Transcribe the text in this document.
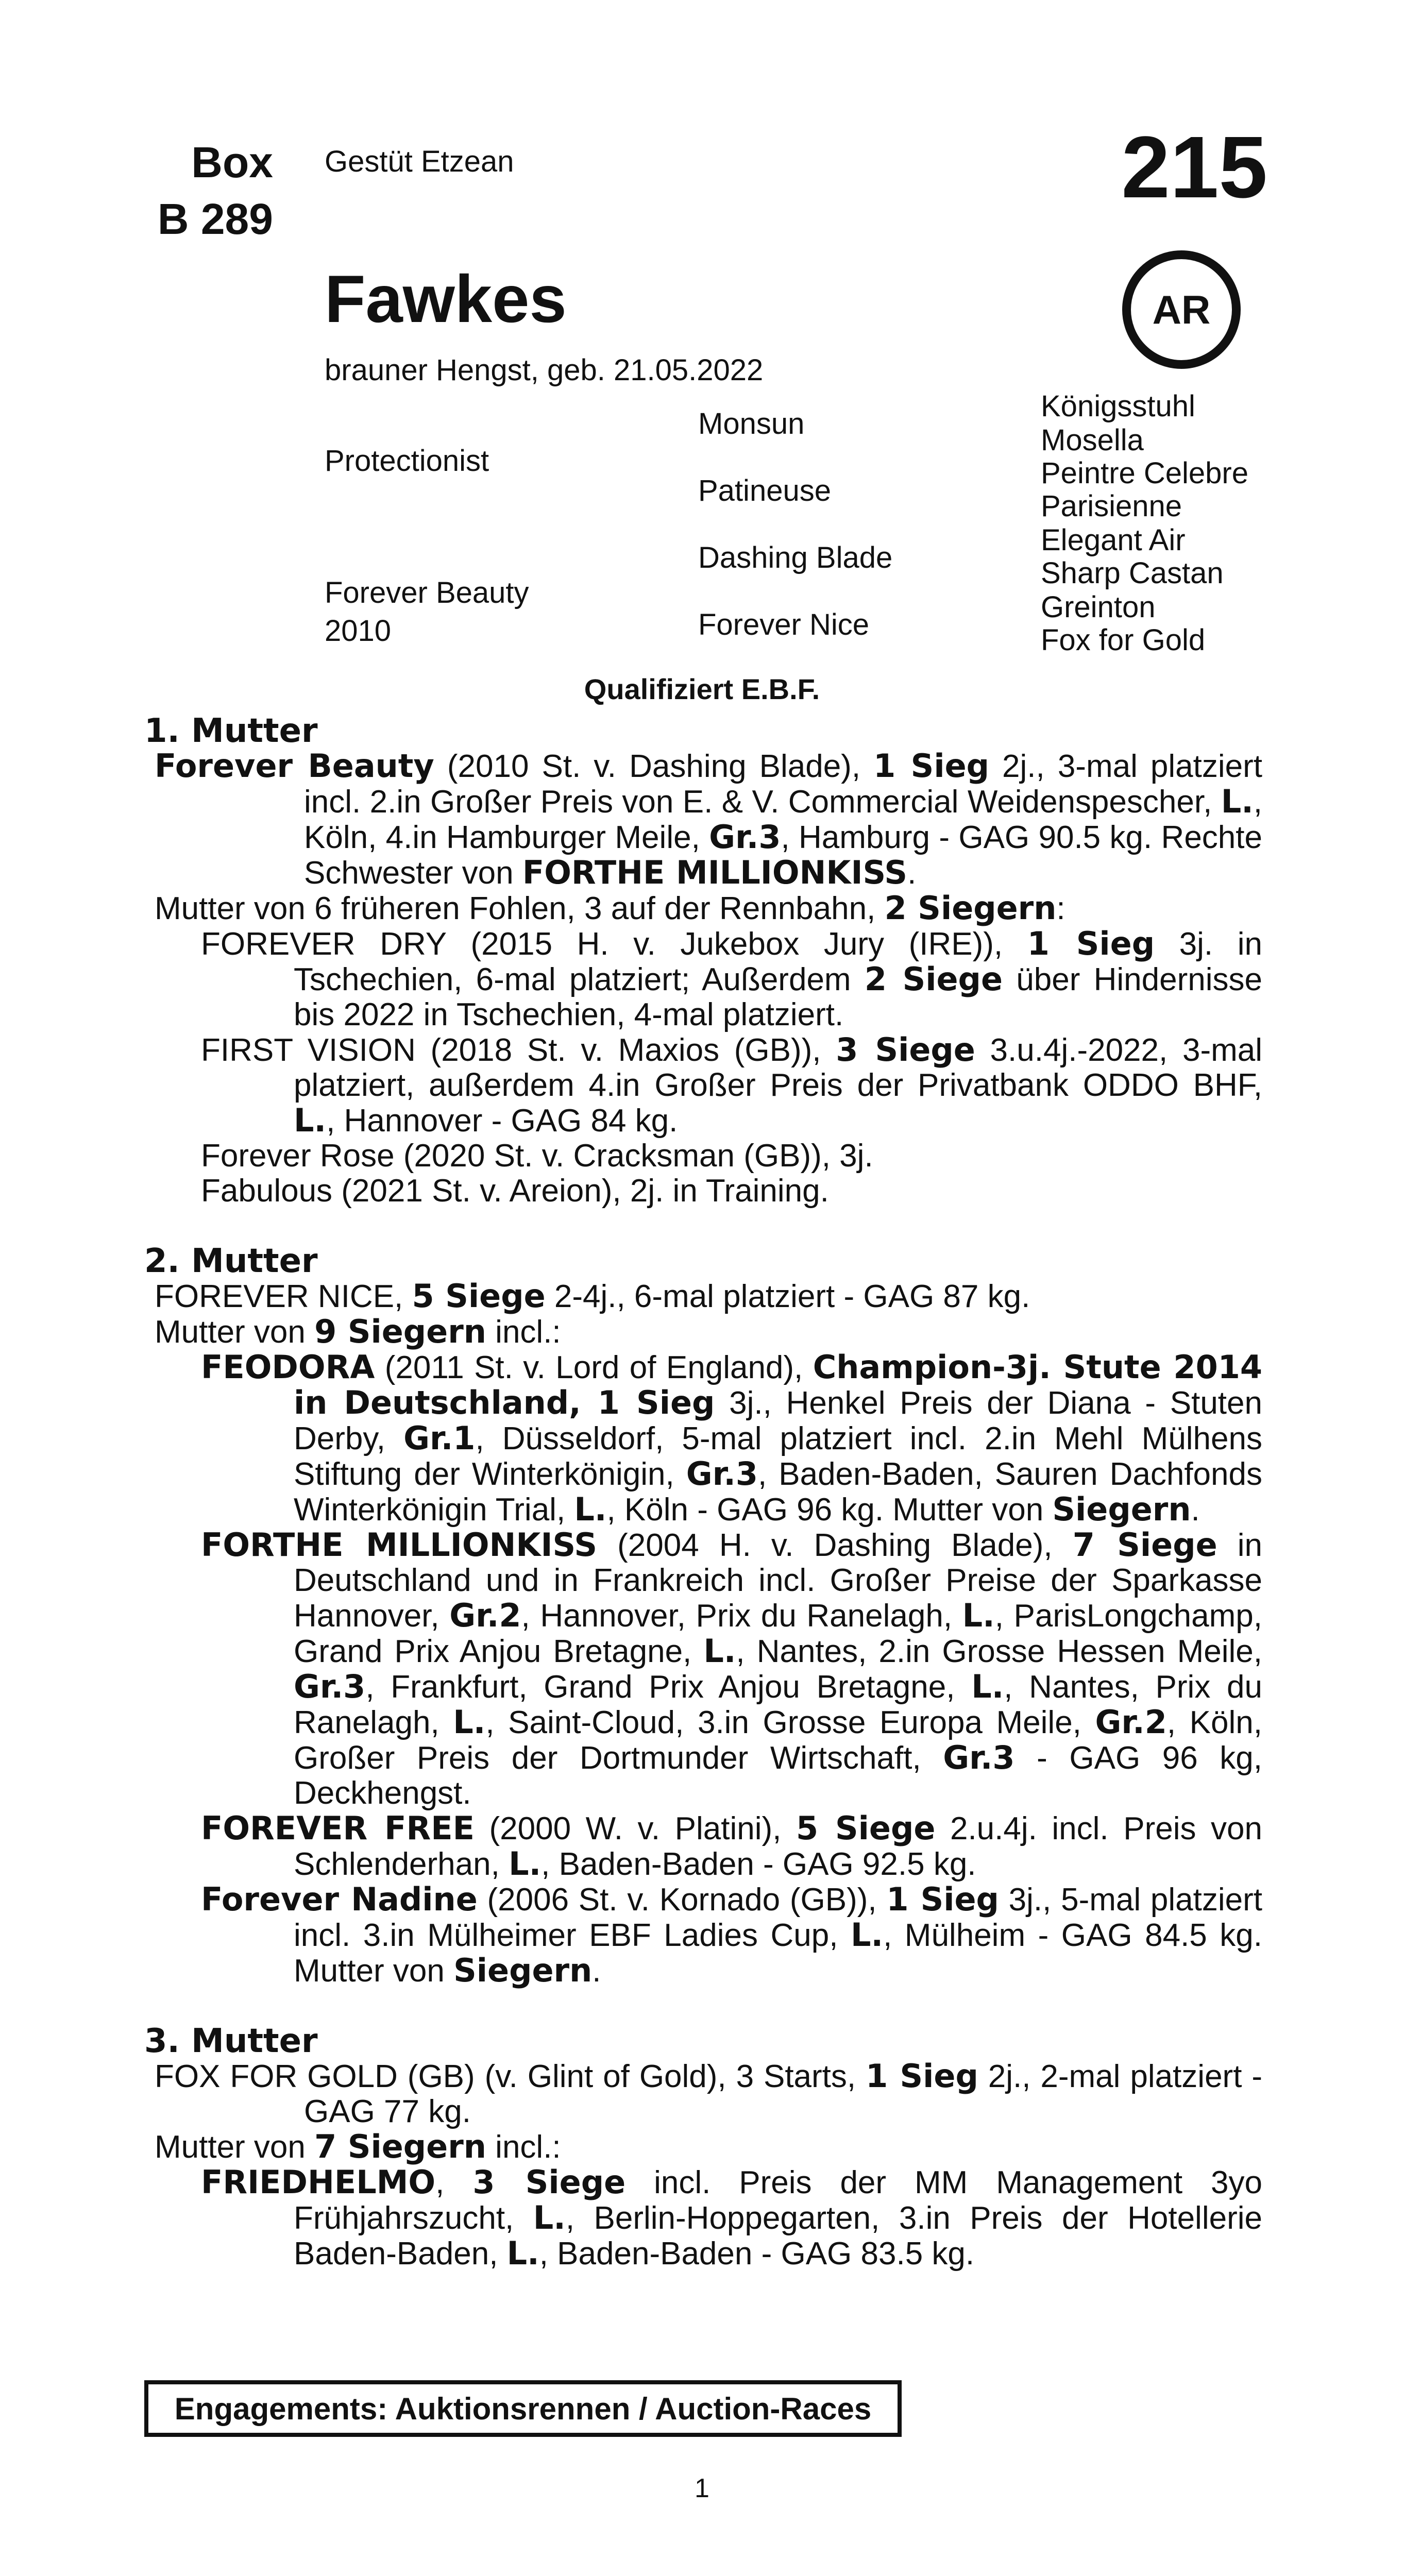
Box
B 289
Gestüt Etzean	215
AR
Fawkes
brauner Hengst, geb. 21.05.2022
Protectionist
Forever Beauty
2010
Monsun
Patineuse
Dashing Blade
Forever Nice
Königsstuhl
Mosella
Peintre Celebre
Parisienne
Elegant Air
Sharp Castan
Greinton
Fox for Gold
Qualifiziert E.B.F.

1. Mutter

Forever Beauty (2010 St. v. Dashing Blade), 1 Sieg 2j., 3-mal platziert incl. 2.in Großer Preis von E. & V. Commercial Weidenspescher, L., Köln, 4.in Hamburger Meile, Gr.3, Hamburg - GAG 90.5 kg. Rechte Schwester von FORTHE MILLIONKISS.

Mutter von 6 früheren Fohlen, 3 auf der Rennbahn, 2 Siegern:

FOREVER DRY (2015 H. v. Jukebox Jury (IRE)), 1 Sieg 3j. in Tschechien, 6-mal platziert; Außerdem 2 Siege über Hindernisse bis 2022 in Tschechien, 4-mal platziert.

FIRST VISION (2018 St. v. Maxios (GB)), 3 Siege 3.u.4j.-2022, 3-mal platziert, außerdem 4.in Großer Preis der Privatbank ODDO BHF, L., Hannover - GAG 84 kg.

Forever Rose (2020 St. v. Cracksman (GB)), 3j.

Fabulous (2021 St. v. Areion), 2j. in Training.

2. Mutter

FOREVER NICE, 5 Siege 2-4j., 6-mal platziert - GAG 87 kg.

Mutter von 9 Siegern incl.:

FEODORA (2011 St. v. Lord of England), Champion-3j. Stute 2014 in Deutschland, 1 Sieg 3j., Henkel Preis der Diana - Stuten Derby, Gr.1, Düsseldorf, 5-mal platziert incl. 2.in Mehl Mülhens Stiftung der Winterkönigin, Gr.3, Baden-Baden, Sauren Dachfonds Winterkönigin Trial, L., Köln - GAG 96 kg. Mutter von Siegern.

FORTHE MILLIONKISS (2004 H. v. Dashing Blade), 7 Siege in Deutschland und in Frankreich incl. Großer Preise der Sparkasse Hannover, Gr.2, Hannover, Prix du Ranelagh, L., ParisLongchamp, Grand Prix Anjou Bretagne, L., Nantes, 2.in Grosse Hessen Meile, Gr.3, Frankfurt, Grand Prix Anjou Bretagne, L., Nantes, Prix du Ranelagh, L., Saint-Cloud, 3.in Grosse Europa Meile, Gr.2, Köln, Großer Preis der Dortmunder Wirtschaft, Gr.3 - GAG 96 kg, Deckhengst.

FOREVER FREE (2000 W. v. Platini), 5 Siege 2.u.4j. incl. Preis von Schlenderhan, L., Baden-Baden - GAG 92.5 kg.

Forever Nadine (2006 St. v. Kornado (GB)), 1 Sieg 3j., 5-mal platziert incl. 3.in Mülheimer EBF Ladies Cup, L., Mülheim - GAG 84.5 kg. Mutter von Siegern.

3. Mutter

FOX FOR GOLD (GB) (v. Glint of Gold), 3 Starts, 1 Sieg 2j., 2-mal platziert - GAG 77 kg.

Mutter von 7 Siegern incl.:

FRIEDHELMO, 3 Siege incl. Preis der MM Management 3yo Frühjahrszucht, L., Berlin-Hoppegarten, 3.in Preis der Hotellerie Baden-Baden, L., Baden-Baden - GAG 83.5 kg.

Engagements: Auktionsrennen / Auction-Races
1
